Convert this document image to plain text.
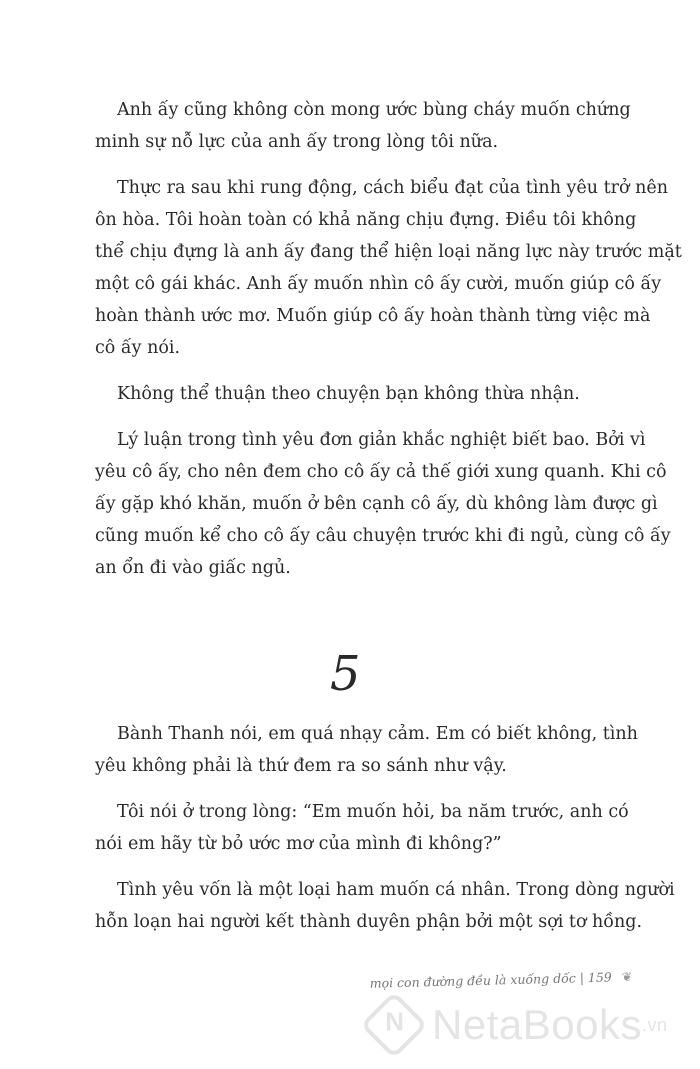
Anh ấy cũng không còn mong ước bùng cháy muốn chứng
minh sự nỗ lực của anh ấy trong lòng tôi nữa.

Thực ra sau khi rung động, cách biểu đạt của tình yêu trở nên
ôn hòa. Tôi hoàn toàn có khả năng chịu đựng. Điều tôi không
thể chịu đựng là anh ấy đang thể hiện loại năng lực này trước mặt
một cô gái khác. Anh ấy muốn nhìn cô ấy cười, muốn giúp cô ấy
hoàn thành ước mơ. Muốn giúp cô ấy hoàn thành từng việc mà
cô ấy nói.

Không thể thuận theo chuyện bạn không thừa nhận.

Lý luận trong tình yêu đơn giản khắc nghiệt biết bao. Bởi vì
yêu cô ấy, cho nên đem cho cô ấy cả thế giới xung quanh. Khi cô
ấy gặp khó khăn, muốn ở bên cạnh cô ấy, dù không làm được gì
cũng muốn kể cho cô ấy câu chuyện trước khi đi ngủ, cùng cô ấy
an ổn đi vào giấc ngủ.

5

Bành Thanh nói, em quá nhạy cảm. Em có biết không, tình
yêu không phải là thứ đem ra so sánh như vậy.

Tôi nói ở trong lòng: “Em muốn hỏi, ba năm trước, anh có
nói em hãy từ bỏ ước mơ của mình đi không?”

Tình yêu vốn là một loại ham muốn cá nhân. Trong dòng người
hỗn loạn hai người kết thành duyên phận bởi một sợi tơ hồng.

mọi con đường đều là xuống dốc | 159 ❦
N
NetaBooks .vn
